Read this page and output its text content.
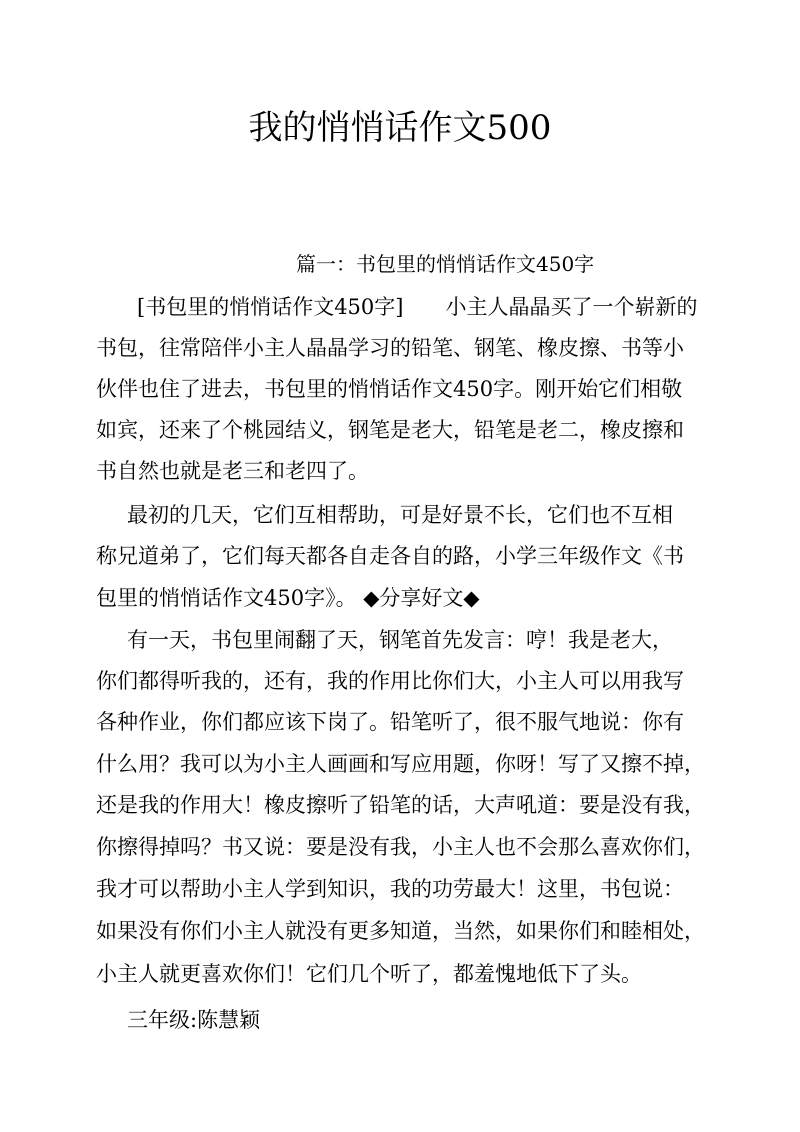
我的悄悄话作文500
篇一：书包里的悄悄话作文450字
[书包里的悄悄话作文450字] 小主人晶晶买了一个崭新的
书包，往常陪伴小主人晶晶学习的铅笔、钢笔、橡皮擦、书等小
伙伴也住了进去，书包里的悄悄话作文450字。刚开始它们相敬
如宾，还来了个桃园结义，钢笔是老大，铅笔是老二，橡皮擦和
书自然也就是老三和老四了。
最初的几天，它们互相帮助，可是好景不长，它们也不互相
称兄道弟了，它们每天都各自走各自的路，小学三年级作文《书
包里的悄悄话作文450字》。 ◆分享好文◆
有一天，书包里闹翻了天，钢笔首先发言：哼！我是老大，
你们都得听我的，还有，我的作用比你们大，小主人可以用我写
各种作业，你们都应该下岗了。铅笔听了，很不服气地说：你有
什么用？我可以为小主人画画和写应用题，你呀！写了又擦不掉，
还是我的作用大！橡皮擦听了铅笔的话，大声吼道：要是没有我，
你擦得掉吗？书又说：要是没有我，小主人也不会那么喜欢你们，
我才可以帮助小主人学到知识，我的功劳最大！这里，书包说：
如果没有你们小主人就没有更多知道，当然，如果你们和睦相处，
小主人就更喜欢你们！它们几个听了，都羞愧地低下了头。
三年级:陈慧颖
